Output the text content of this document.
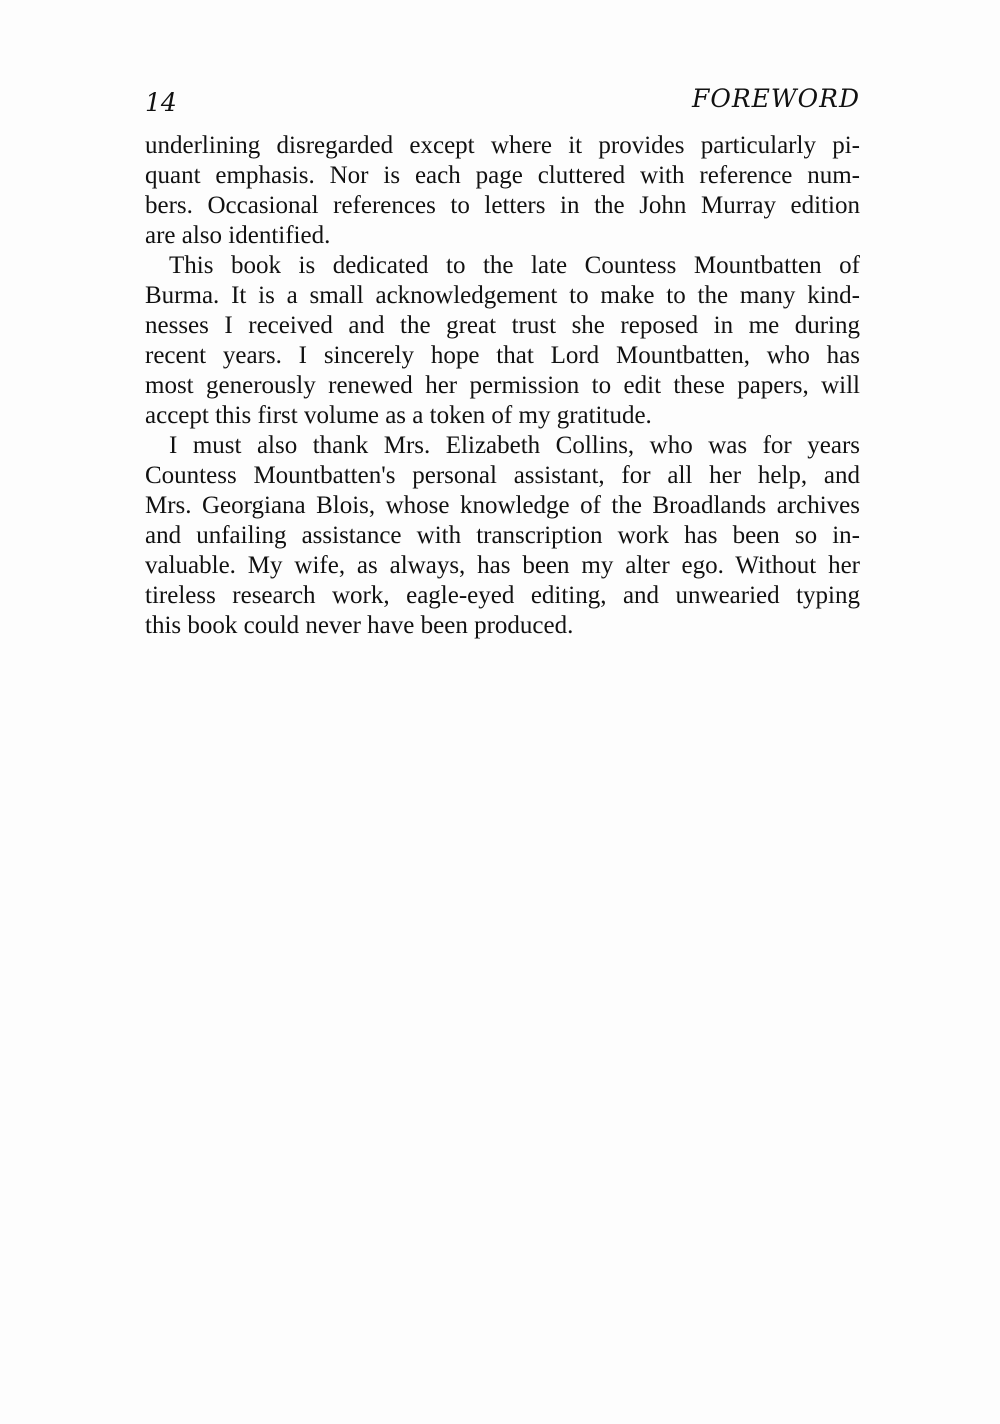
14	FOREWORD
underlining disregarded except where it provides particularly pi-
quant emphasis. Nor is each page cluttered with reference num-
bers. Occasional references to letters in the John Murray edition
are also identified.
This book is dedicated to the late Countess Mountbatten of
Burma. It is a small acknowledgement to make to the many kind-
nesses I received and the great trust she reposed in me during
recent years. I sincerely hope that Lord Mountbatten, who has
most generously renewed her permission to edit these papers, will
accept this first volume as a token of my gratitude.
I must also thank Mrs. Elizabeth Collins, who was for years
Countess Mountbatten's personal assistant, for all her help, and
Mrs. Georgiana Blois, whose knowledge of the Broadlands archives
and unfailing assistance with transcription work has been so in-
valuable. My wife, as always, has been my alter ego. Without her
tireless research work, eagle-eyed editing, and unwearied typing
this book could never have been produced.
